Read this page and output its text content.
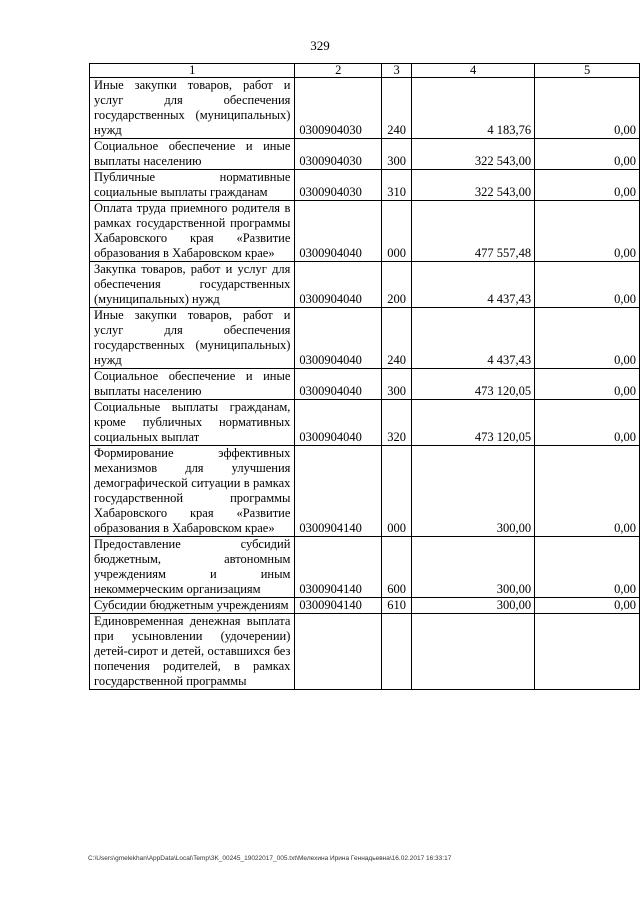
329
1	2	3	4	5
Иные закупки товаров, работ и услуг для обеспечения государственных (муниципальных) нужд	0300904030	240	4 183,76	0,00
Социальное обеспечение и иные выплаты населению	0300904030	300	322 543,00	0,00
Публичные нормативные социальные выплаты гражданам	0300904030	310	322 543,00	0,00
Оплата труда приемного родителя в рамках государственной программы Хабаровского края «Развитие образования в Хабаровском крае»	0300904040	000	477 557,48	0,00
Закупка товаров, работ и услуг для обеспечения государственных (муниципальных) нужд	0300904040	200	4 437,43	0,00
Иные закупки товаров, работ и услуг для обеспечения государственных (муниципальных) нужд	0300904040	240	4 437,43	0,00
Социальное обеспечение и иные выплаты населению	0300904040	300	473 120,05	0,00
Социальные выплаты гражданам, кроме публичных нормативных социальных выплат	0300904040	320	473 120,05	0,00
Формирование эффективных механизмов для улучшения демографической ситуации в рамках государственной программы Хабаровского края «Развитие образования в Хабаровском крае»	0300904140	000	300,00	0,00
Предоставление субсидий бюджетным, автономным учреждениям и иным некоммерческим организациям	0300904140	600	300,00	0,00
Субсидии бюджетным учреждениям	0300904140	610	300,00	0,00
Единовременная денежная выплата при усыновлении (удочерении) детей-сирот и детей, оставшихся без попечения родителей, в рамках государственной программы				
C:\Users\gmelekhan\AppData\Local\Temp\3K_00245_19022017_005.txt\Мелехина Ирина Геннадьевна\16.02.2017 16:33:17
